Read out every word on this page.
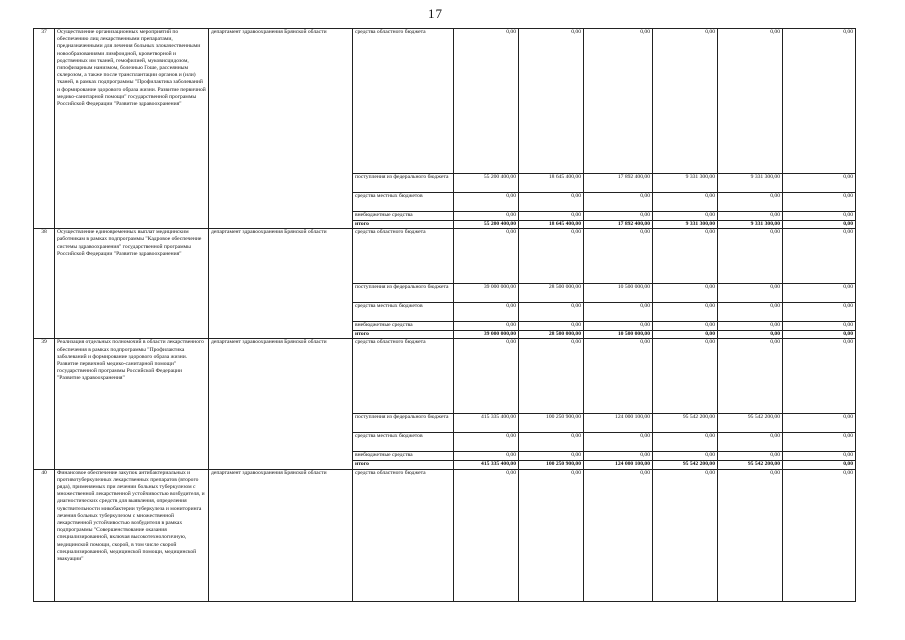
17
37	Осуществление организационных мероприятий по обеспечению лиц лекарственными препаратами, предназначенными для лечения больных злокачественными новообразованиями лимфоидной, кроветворной и родственных им тканей, гемофилией, муковисцидозом, гипофизарным нанизмом, болезнью Гоше, рассеянным склерозом, а также после трансплантации органов и (или) тканей, в рамках подпрограммы "Профилактика заболеваний и формирование здорового образа жизни. Развитие первичной медико-санитарной помощи" государственной программы Российской Федерации "Развитие здравоохранения"	департамент здравоохранения Брянской области	средства областного бюджета	0,00	0,00	0,00	0,00	0,00	0,00
			поступления из федерального бюджета	55 200 400,00	18 645 400,00	17 892 400,00	9 331 300,00	9 331 300,00	0,00
			средства местных бюджетов	0,00	0,00	0,00	0,00	0,00	0,00
			внебюджетные средства	0,00	0,00	0,00	0,00	0,00	0,00
			итого	55 200 400,00	18 645 400,00	17 892 400,00	9 331 300,00	9 331 300,00	0,00
38	Осуществление единовременных выплат медицинским работникам в рамках подпрограммы "Кадровое обеспечение системы здравоохранения" государственной программы Российской Федерации "Развитие здравоохранения"	департамент здравоохранения Брянской области	средства областного бюджета	0,00	0,00	0,00	0,00	0,00	0,00
			поступления из федерального бюджета	39 000 000,00	28 500 000,00	10 500 000,00	0,00	0,00	0,00
			средства местных бюджетов	0,00	0,00	0,00	0,00	0,00	0,00
			внебюджетные средства	0,00	0,00	0,00	0,00	0,00	0,00
			итого	39 000 000,00	28 500 000,00	10 500 000,00	0,00	0,00	0,00
39	Реализация отдельных полномочий в области лекарственного обеспечения в рамках подпрограммы "Профилактика заболеваний и формирование здорового образа жизни. Развитие первичной медико-санитарной помощи" государственной программы Российской Федерации "Развитие здравоохранения"	департамент здравоохранения Брянской области	средства областного бюджета	0,00	0,00	0,00	0,00	0,00	0,00
			поступления из федерального бюджета	415 335 400,00	100 250 900,00	124 000 100,00	95 542 200,00	95 542 200,00	0,00
			средства местных бюджетов	0,00	0,00	0,00	0,00	0,00	0,00
			внебюджетные средства	0,00	0,00	0,00	0,00	0,00	0,00
			итого	415 335 400,00	100 250 900,00	124 000 100,00	95 542 200,00	95 542 200,00	0,00
40	Финансовое обеспечение закупок антибактериальных и противотуберкулезных лекарственных препаратов (второго ряда), применяемых при лечении больных туберкулезом с множественной лекарственной устойчивостью возбудителя, и диагностических средств для выявления, определения чувствительности микобактерии туберкулеза и мониторинга лечения больных туберкулезом с множественной лекарственной устойчивостью возбудителя в рамках подпрограммы "Совершенствование оказания специализированной, включая высокотехнологичную, медицинской помощи, скорой, в том числе скорой специализированной, медицинской помощи, медицинской эвакуации"	департамент здравоохранения Брянской области	средства областного бюджета	0,00	0,00	0,00	0,00	0,00	0,00
